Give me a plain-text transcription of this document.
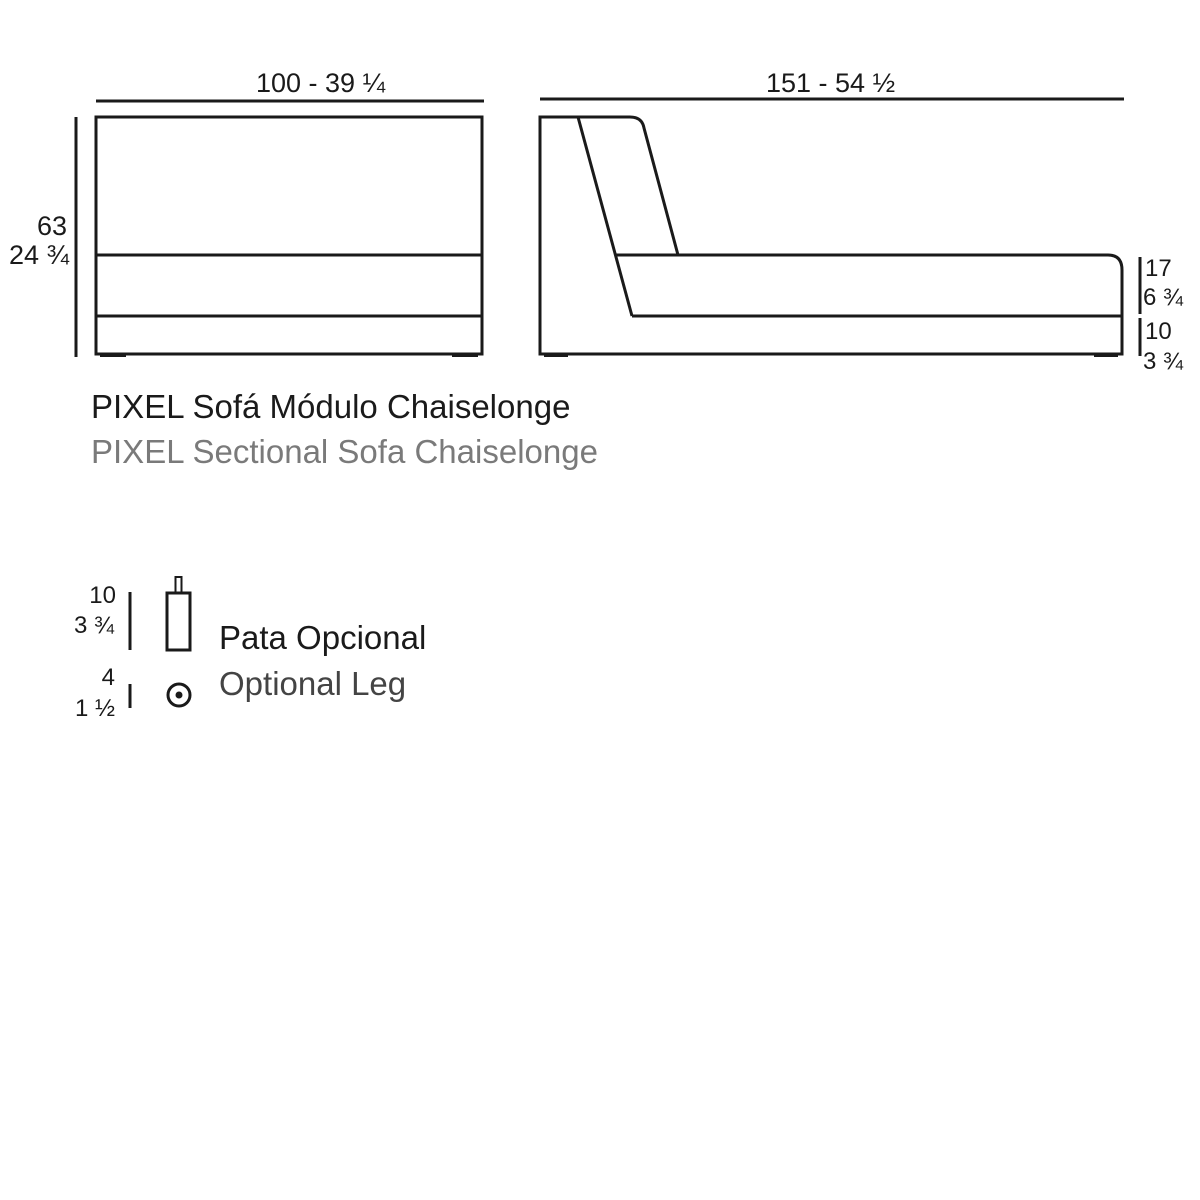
100 - 39 ¼
63
24 ¾
151 - 54 ½
17
6 ¾
10
3 ¾
PIXEL Sofá Módulo Chaiselonge
PIXEL Sectional Sofa Chaiselonge
10
3 ¾
4
1 ½
Pata Opcional
Optional Leg
